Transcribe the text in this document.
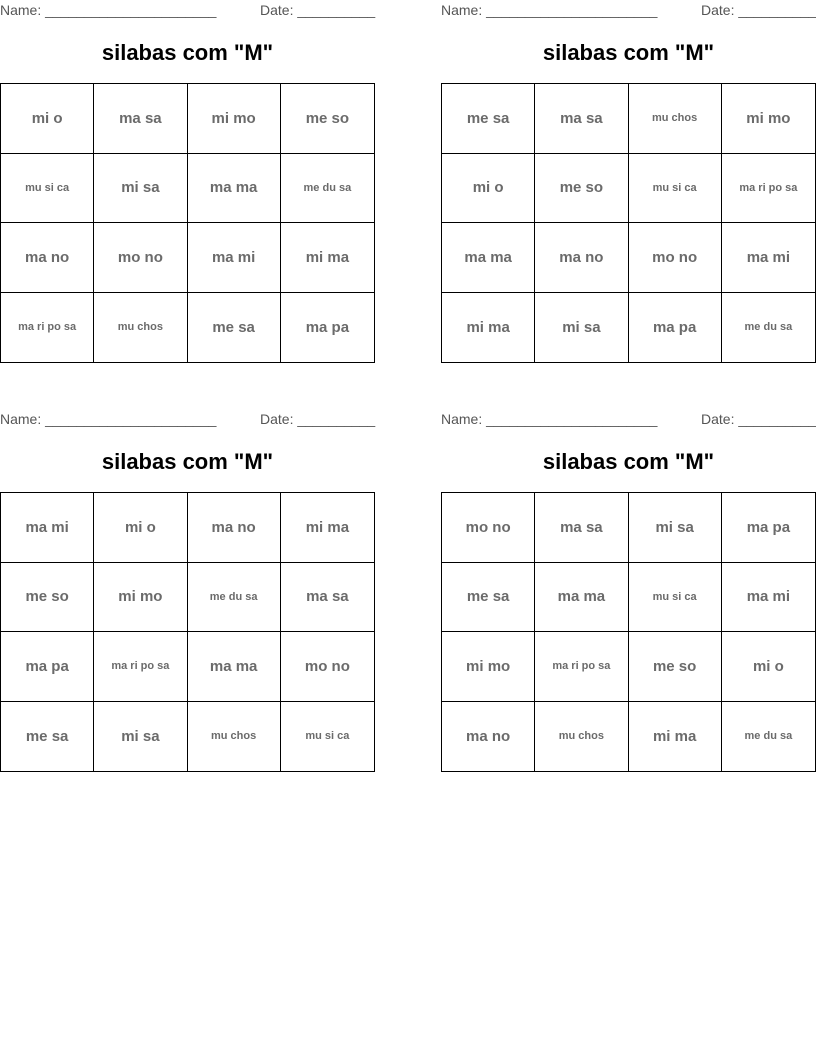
Name: ______________________	Date: __________
silabas com "M"
mi o	ma sa	mi mo	me so
mu si ca	mi sa	ma ma	me du sa
ma no	mo no	ma mi	mi ma
ma ri po sa	mu chos	me sa	ma pa
Name: ______________________	Date: __________
silabas com "M"
me sa	ma sa	mu chos	mi mo
mi o	me so	mu si ca	ma ri po sa
ma ma	ma no	mo no	ma mi
mi ma	mi sa	ma pa	me du sa
Name: ______________________	Date: __________
silabas com "M"
ma mi	mi o	ma no	mi ma
me so	mi mo	me du sa	ma sa
ma pa	ma ri po sa	ma ma	mo no
me sa	mi sa	mu chos	mu si ca
Name: ______________________	Date: __________
silabas com "M"
mo no	ma sa	mi sa	ma pa
me sa	ma ma	mu si ca	ma mi
mi mo	ma ri po sa	me so	mi o
ma no	mu chos	mi ma	me du sa
